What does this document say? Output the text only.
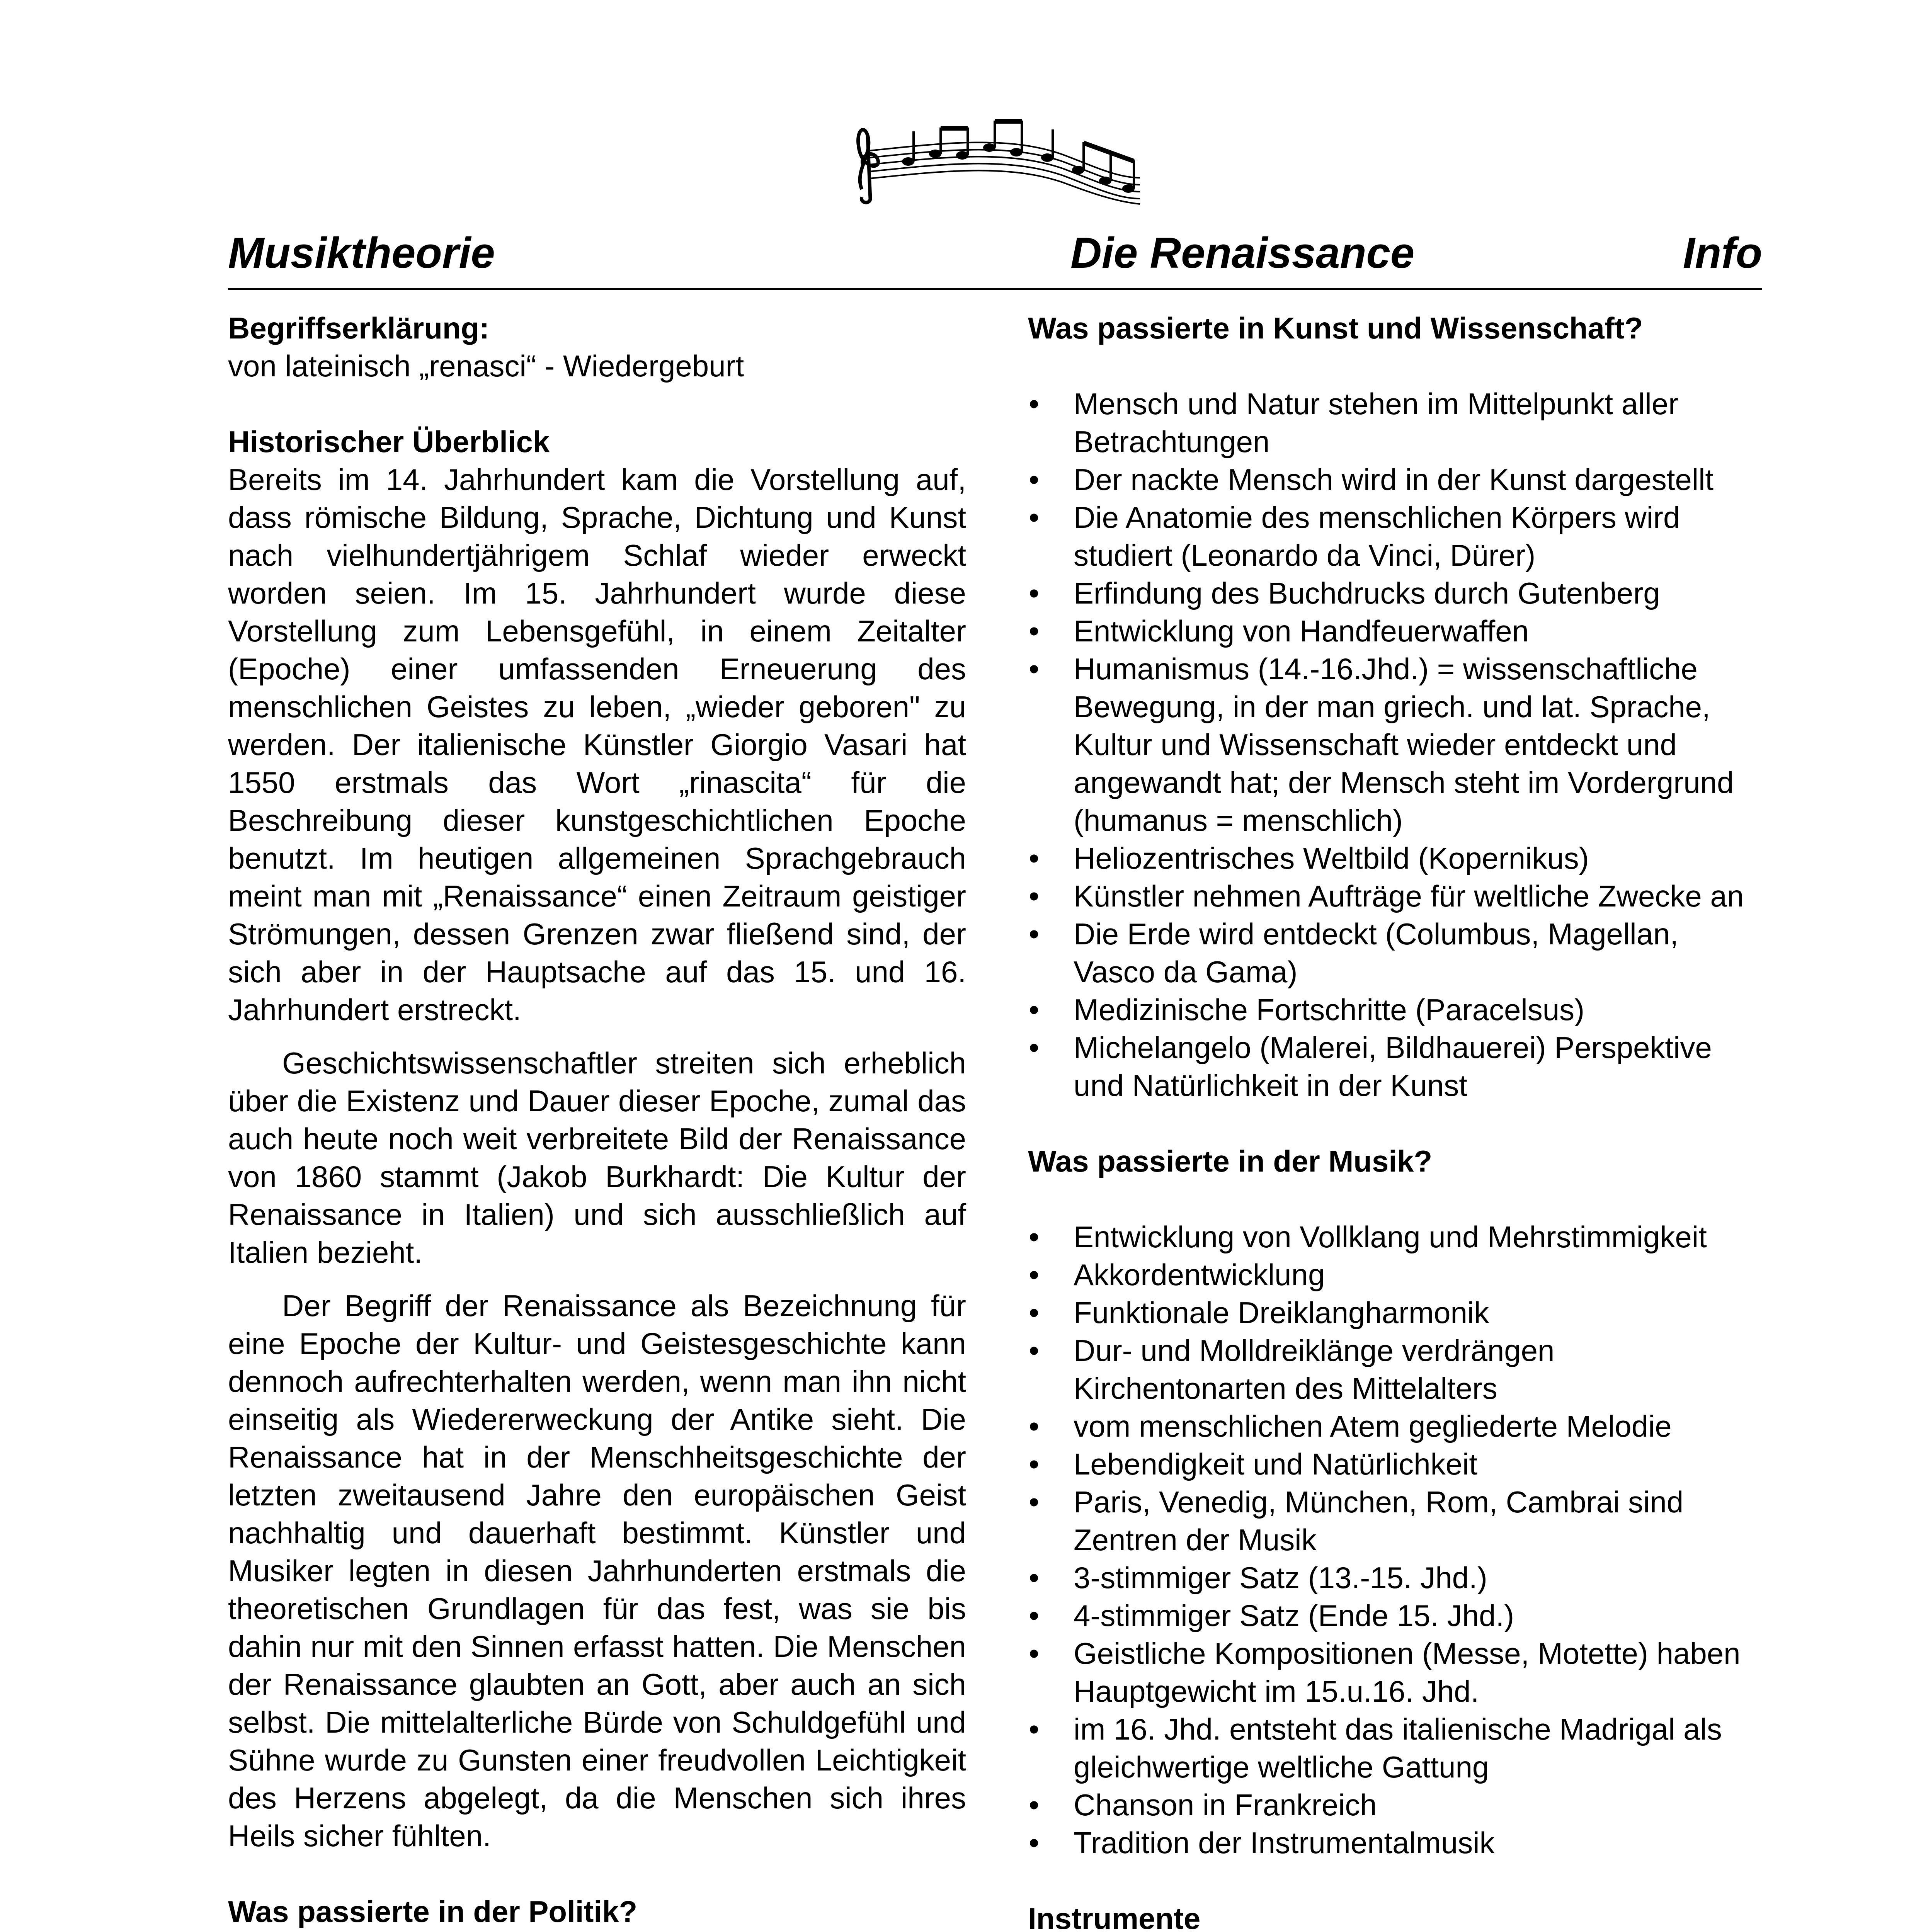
Musiktheorie	Die Renaissance	Info
Begriffserklärung:

von lateinisch „renasci“ - Wiedergeburt

Historischer Überblick

Bereits im 14. Jahrhundert kam die Vorstellung auf, dass römische Bildung, Sprache, Dichtung und Kunst nach vielhundertjährigem Schlaf wieder erweckt worden seien. Im 15. Jahrhundert wurde diese Vorstellung zum Lebensgefühl, in einem Zeitalter (Epoche) einer umfassenden Erneuerung des menschlichen Geistes zu leben, „wieder geboren" zu werden. Der italienische Künstler Giorgio Vasari hat 1550 erstmals das Wort „rinascita“ für die Beschreibung dieser kunstgeschichtlichen Epoche benutzt. Im heutigen allgemeinen Sprachgebrauch meint man mit „Renaissance“ einen Zeitraum geistiger Strömungen, dessen Grenzen zwar fließend sind, der sich aber in der Hauptsache auf das 15. und 16. Jahrhundert erstreckt.

Geschichtswissenschaftler streiten sich erheblich über die Existenz und Dauer dieser Epoche, zumal das auch heute noch weit verbreitete Bild der Renaissance von 1860 stammt (Jakob Burkhardt: Die Kultur der Renaissance in Italien) und sich ausschließlich auf Italien bezieht.

Der Begriff der Renaissance als Bezeichnung für eine Epoche der Kultur- und Geistesgeschichte kann dennoch aufrechterhalten werden, wenn man ihn nicht einseitig als Wiedererweckung der Antike sieht. Die Renaissance hat in der Menschheitsgeschichte der letzten zweitausend Jahre den europäischen Geist nachhaltig und dauerhaft bestimmt. Künstler und Musiker legten in diesen Jahrhunderten erstmals die theoretischen Grundlagen für das fest, was sie bis dahin nur mit den Sinnen erfasst hatten. Die Menschen der Renaissance glaubten an Gott, aber auch an sich selbst. Die mittelalterliche Bürde von Schuldgefühl und Sühne wurde zu Gunsten einer freudvollen Leichtigkeit des Herzens abgelegt, da die Menschen sich ihres Heils sicher fühlten.

Was passierte in der Politik?
Was passierte in Kunst und Wissenschaft?
• Mensch und Natur stehen im Mittelpunkt aller Betrachtungen
• Der nackte Mensch wird in der Kunst dargestellt
• Die Anatomie des menschlichen Körpers wird studiert (Leonardo da Vinci, Dürer)
• Erfindung des Buchdrucks durch Gutenberg
• Entwicklung von Handfeuerwaffen
• Humanismus (14.-16.Jhd.) = wissenschaftliche Bewegung, in der man griech. und lat. Sprache, Kultur und Wissenschaft wieder entdeckt und angewandt hat; der Mensch steht im Vordergrund (humanus = menschlich)
• Heliozentrisches Weltbild (Kopernikus)
• Künstler nehmen Aufträge für weltliche Zwecke an
• Die Erde wird entdeckt (Columbus, Magellan, Vasco da Gama)
• Medizinische Fortschritte (Paracelsus)
• Michelangelo (Malerei, Bildhauerei) Perspektive und Natürlichkeit in der Kunst
Was passierte in der Musik?
• Entwicklung von Vollklang und Mehrstimmigkeit
• Akkordentwicklung
• Funktionale Dreiklangharmonik
• Dur- und Molldreiklänge verdrängen Kirchentonarten des Mittelalters
• vom menschlichen Atem gegliederte Melodie
• Lebendigkeit und Natürlichkeit
• Paris, Venedig, München, Rom, Cambrai sind Zentren der Musik
• 3-stimmiger Satz (13.-15. Jhd.)
• 4-stimmiger Satz (Ende 15. Jhd.)
• Geistliche Kompositionen (Messe, Motette) haben Hauptgewicht im 15.u.16. Jhd.
• im 16. Jhd. entsteht das italienische Madrigal als gleichwertige weltliche Gattung
• Chanson in Frankreich
• Tradition der Instrumentalmusik
Instrumente
